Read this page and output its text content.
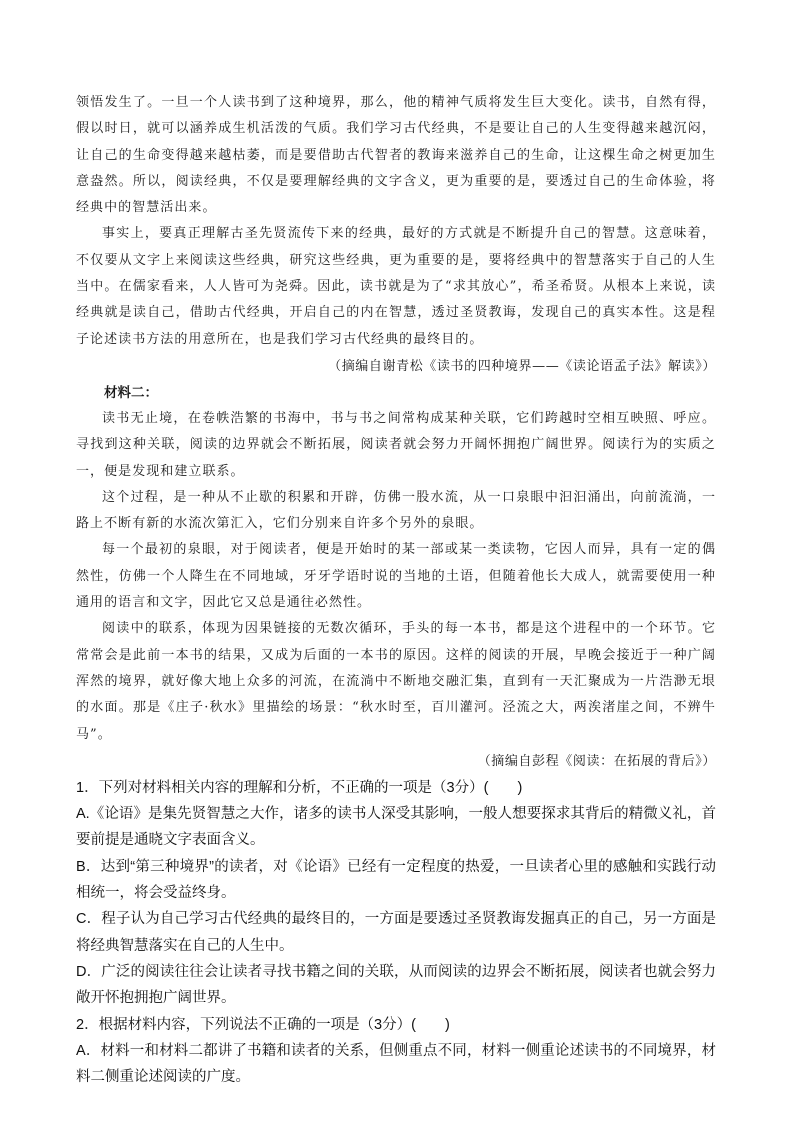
领悟发生了。一旦一个人读书到了这种境界，那么，他的精神气质将发生巨大变化。读书，自然有得，假以时日，就可以涵养成生机活泼的气质。我们学习古代经典，不是要让自己的人生变得越来越沉闷，让自己的生命变得越来越枯萎，而是要借助古代智者的教诲来滋养自己的生命，让这棵生命之树更加生意盎然。所以，阅读经典，不仅是要理解经典的文字含义，更为重要的是，要透过自己的生命体验，将经典中的智慧活出来。

事实上，要真正理解古圣先贤流传下来的经典，最好的方式就是不断提升自己的智慧。这意味着，不仅要从文字上来阅读这些经典，研究这些经典，更为重要的是，要将经典中的智慧落实于自己的人生当中。在儒家看来，人人皆可为尧舜。因此，读书就是为了“求其放心”，希圣希贤。从根本上来说，读经典就是读自己，借助古代经典，开启自己的内在智慧，透过圣贤教诲，发现自己的真实本性。这是程子论述读书方法的用意所在，也是我们学习古代经典的最终目的。

（摘编自谢青松《读书的四种境界——《读论语孟子法》解读》）

材料二：

读书无止境，在卷帙浩繁的书海中，书与书之间常构成某种关联，它们跨越时空相互映照、呼应。寻找到这种关联，阅读的边界就会不断拓展，阅读者就会努力开阔怀拥抱广阔世界。阅读行为的实质之一，便是发现和建立联系。

这个过程，是一种从不止歇的积累和开辟，仿佛一股水流，从一口泉眼中汩汩涌出，向前流淌，一路上不断有新的水流次第汇入，它们分别来自许多个另外的泉眼。

每一个最初的泉眼，对于阅读者，便是开始时的某一部或某一类读物，它因人而异，具有一定的偶然性，仿佛一个人降生在不同地域，牙牙学语时说的当地的土语，但随着他长大成人，就需要使用一种通用的语言和文字，因此它又总是通往必然性。

阅读中的联系，体现为因果链接的无数次循环，手头的每一本书，都是这个进程中的一个环节。它常常会是此前一本书的结果，又成为后面的一本书的原因。这样的阅读的开展，早晚会接近于一种广阔浑然的境界，就好像大地上众多的河流，在流淌中不断地交融汇集，直到有一天汇聚成为一片浩渺无垠的水面。那是《庄子·秋水》里描绘的场景：“秋水时至，百川灌河。泾流之大，两涘渚崖之间，不辨牛马”。

（摘编自彭程《阅读：在拓展的背后》）

1．下列对材料相关内容的理解和分析，不正确的一项是（3分）(　　)

A.《论语》是集先贤智慧之大作，诸多的读书人深受其影响，一般人想要探求其背后的精微义礼，首要前提是通晓文字表面含义。

B．达到“第三种境界”的读者，对《论语》已经有一定程度的热爱，一旦读者心里的感触和实践行动相统一，将会受益终身。

C．程子认为自己学习古代经典的最终目的，一方面是要透过圣贤教诲发掘真正的自己，另一方面是将经典智慧落实在自己的人生中。

D．广泛的阅读往往会让读者寻找书籍之间的关联，从而阅读的边界会不断拓展，阅读者也就会努力敞开怀抱拥抱广阔世界。

2．根据材料内容，下列说法不正确的一项是（3分）(　　)

A．材料一和材料二都讲了书籍和读者的关系，但侧重点不同，材料一侧重论述读书的不同境界，材料二侧重论述阅读的广度。
